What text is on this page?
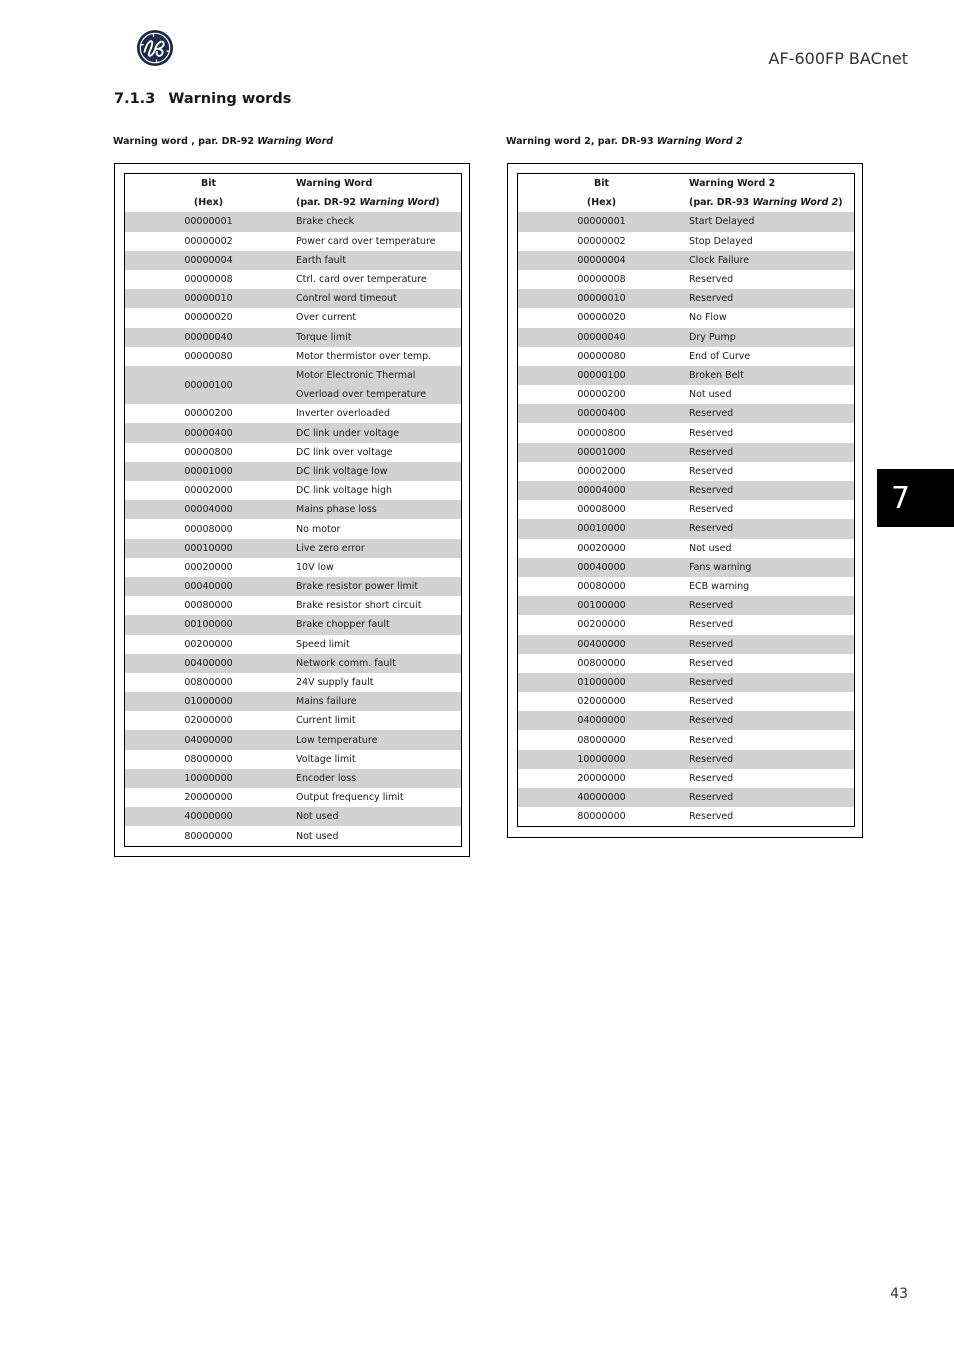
AF-600FP BACnet
7.1.3 Warning words
Warning word , par. DR-92 Warning Word	Warning word 2, par. DR-93 Warning Word 2
Bit	Warning Word
(Hex)	(par. DR-92 Warning Word)
00000001	Brake check
00000002	Power card over temperature
00000004	Earth fault
00000008	Ctrl. card over temperature
00000010	Control word timeout
00000020	Over current
00000040	Torque limit
00000080	Motor thermistor over temp.
00000100	Motor Electronic Thermal Overload over temperature
00000200	Inverter overloaded
00000400	DC link under voltage
00000800	DC link over voltage
00001000	DC link voltage low
00002000	DC link voltage high
00004000	Mains phase loss
00008000	No motor
00010000	Live zero error
00020000	10V low
00040000	Brake resistor power limit
00080000	Brake resistor short circuit
00100000	Brake chopper fault
00200000	Speed limit
00400000	Network comm. fault
00800000	24V supply fault
01000000	Mains failure
02000000	Current limit
04000000	Low temperature
08000000	Voltage limit
10000000	Encoder loss
20000000	Output frequency limit
40000000	Not used
80000000	Not used
Bit	Warning Word 2
(Hex)	(par. DR-93 Warning Word 2)
00000001	Start Delayed
00000002	Stop Delayed
00000004	Clock Failure
00000008	Reserved
00000010	Reserved
00000020	No Flow
00000040	Dry Pump
00000080	End of Curve
00000100	Broken Belt
00000200	Not used
00000400	Reserved
00000800	Reserved
00001000	Reserved
00002000	Reserved
00004000	Reserved
00008000	Reserved
00010000	Reserved
00020000	Not used
00040000	Fans warning
00080000	ECB warning
00100000	Reserved
00200000	Reserved
00400000	Reserved
00800000	Reserved
01000000	Reserved
02000000	Reserved
04000000	Reserved
08000000	Reserved
10000000	Reserved
20000000	Reserved
40000000	Reserved
80000000	Reserved
7
43
